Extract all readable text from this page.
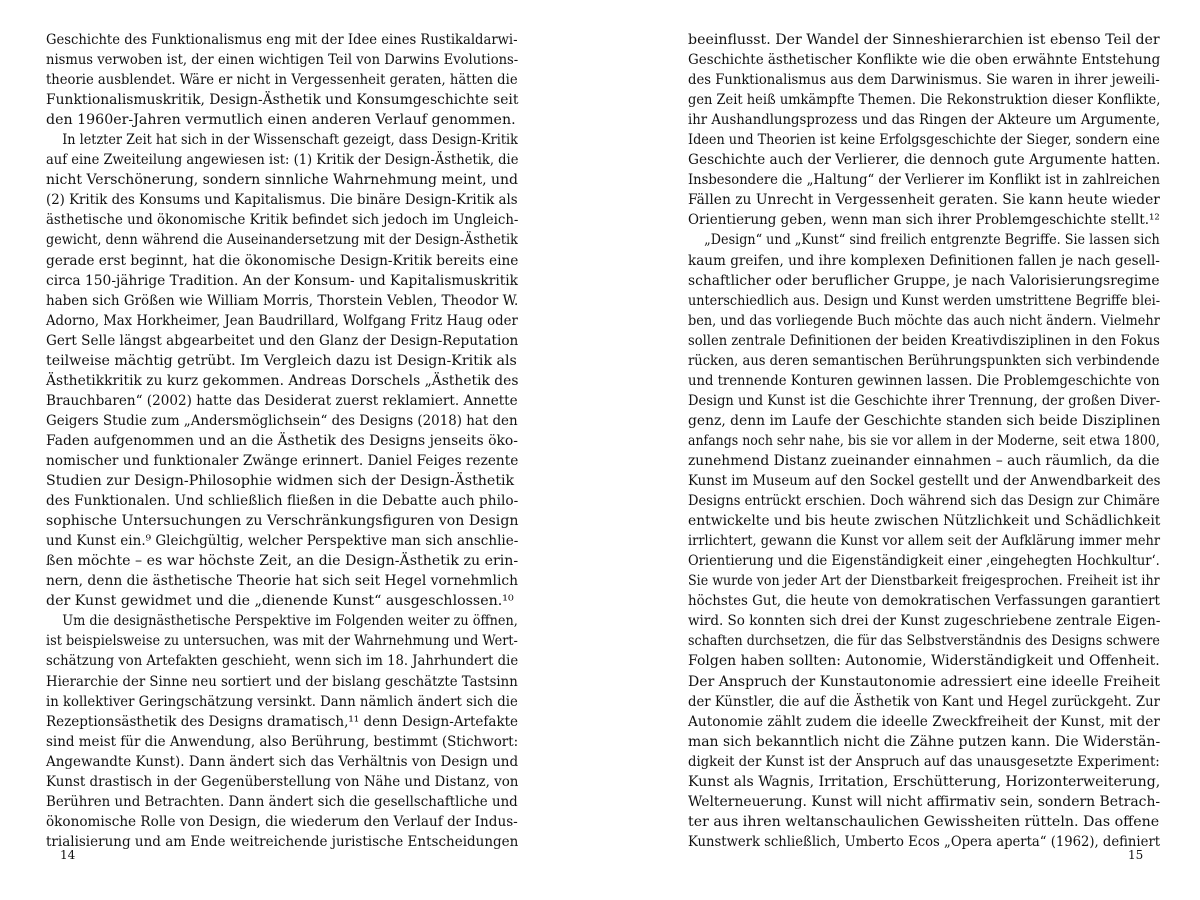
Geschichte des Funktionalismus eng mit der Idee eines Rustikaldarwi-
nismus verwoben ist, der einen wichtigen Teil von Darwins Evolutions-
theorie ausblendet. Wäre er nicht in Vergessenheit geraten, hätten die
Funktionalismuskritik, Design-Ästhetik und Konsumgeschichte seit
den 1960er-Jahren vermutlich einen anderen Verlauf genommen.
In letzter Zeit hat sich in der Wissenschaft gezeigt, dass Design-Kritik
auf eine Zweiteilung angewiesen ist: (1) Kritik der Design-Ästhetik, die
nicht Verschönerung, sondern sinnliche Wahrnehmung meint, und
(2) Kritik des Konsums und Kapitalismus. Die binäre Design-Kritik als
ästhetische und ökonomische Kritik befindet sich jedoch im Ungleich-
gewicht, denn während die Auseinandersetzung mit der Design-Ästhetik
gerade erst beginnt, hat die ökonomische Design-Kritik bereits eine
circa 150-jährige Tradition. An der Konsum- und Kapitalismuskritik
haben sich Größen wie William Morris, Thorstein Veblen, Theodor W.
Adorno, Max Horkheimer, Jean Baudrillard, Wolfgang Fritz Haug oder
Gert Selle längst abgearbeitet und den Glanz der Design-Reputation
teilweise mächtig getrübt. Im Vergleich dazu ist Design-Kritik als
Ästhetikkritik zu kurz gekommen. Andreas Dorschels „Ästhetik des
Brauchbaren“ (2002) hatte das Desiderat zuerst reklamiert. Annette
Geigers Studie zum „Andersmöglichsein“ des Designs (2018) hat den
Faden aufgenommen und an die Ästhetik des Designs jenseits öko-
nomischer und funktionaler Zwänge erinnert. Daniel Feiges rezente
Studien zur Design-Philosophie widmen sich der Design-Ästhetik
des Funktionalen. Und schließlich fließen in die Debatte auch philo-
sophische Untersuchungen zu Verschränkungsfiguren von Design
und Kunst ein.⁹ Gleichgültig, welcher Perspektive man sich anschlie-
ßen möchte – es war höchste Zeit, an die Design-Ästhetik zu erin-
nern, denn die ästhetische Theorie hat sich seit Hegel vornehmlich
der Kunst gewidmet und die „dienende Kunst“ ausgeschlossen.¹⁰
Um die designästhetische Perspektive im Folgenden weiter zu öffnen,
ist beispielsweise zu untersuchen, was mit der Wahrnehmung und Wert-
schätzung von Artefakten geschieht, wenn sich im 18. Jahrhundert die
Hierarchie der Sinne neu sortiert und der bislang geschätzte Tastsinn
in kollektiver Geringschätzung versinkt. Dann nämlich ändert sich die
Rezeptionsästhetik des Designs dramatisch,¹¹ denn Design-Artefakte
sind meist für die Anwendung, also Berührung, bestimmt (Stichwort:
Angewandte Kunst). Dann ändert sich das Verhältnis von Design und
Kunst drastisch in der Gegenüberstellung von Nähe und Distanz, von
Berühren und Betrachten. Dann ändert sich die gesellschaftliche und
ökonomische Rolle von Design, die wiederum den Verlauf der Indus-
trialisierung und am Ende weitreichende juristische Entscheidungen
14
beeinflusst. Der Wandel der Sinneshierarchien ist ebenso Teil der
Geschichte ästhetischer Konflikte wie die oben erwähnte Entstehung
des Funktionalismus aus dem Darwinismus. Sie waren in ihrer jeweili-
gen Zeit heiß umkämpfte Themen. Die Rekonstruktion dieser Konflikte,
ihr Aushandlungsprozess und das Ringen der Akteure um Argumente,
Ideen und Theorien ist keine Erfolgsgeschichte der Sieger, sondern eine
Geschichte auch der Verlierer, die dennoch gute Argumente hatten.
Insbesondere die „Haltung“ der Verlierer im Konflikt ist in zahlreichen
Fällen zu Unrecht in Vergessenheit geraten. Sie kann heute wieder
Orientierung geben, wenn man sich ihrer Problemgeschichte stellt.¹²
„Design“ und „Kunst“ sind freilich entgrenzte Begriffe. Sie lassen sich
kaum greifen, und ihre komplexen Definitionen fallen je nach gesell-
schaftlicher oder beruflicher Gruppe, je nach Valorisierungsregime
unterschiedlich aus. Design und Kunst werden umstrittene Begriffe blei-
ben, und das vorliegende Buch möchte das auch nicht ändern. Vielmehr
sollen zentrale Definitionen der beiden Kreativdisziplinen in den Fokus
rücken, aus deren semantischen Berührungspunkten sich verbindende
und trennende Konturen gewinnen lassen. Die Problemgeschichte von
Design und Kunst ist die Geschichte ihrer Trennung, der großen Diver-
genz, denn im Laufe der Geschichte standen sich beide Disziplinen
anfangs noch sehr nahe, bis sie vor allem in der Moderne, seit etwa 1800,
zunehmend Distanz zueinander einnahmen – auch räumlich, da die
Kunst im Museum auf den Sockel gestellt und der Anwendbarkeit des
Designs entrückt erschien. Doch während sich das Design zur Chimäre
entwickelte und bis heute zwischen Nützlichkeit und Schädlichkeit
irrlichtert, gewann die Kunst vor allem seit der Aufklärung immer mehr
Orientierung und die Eigenständigkeit einer ‚eingehegten Hochkultur‘.
Sie wurde von jeder Art der Dienstbarkeit freigesprochen. Freiheit ist ihr
höchstes Gut, die heute von demokratischen Verfassungen garantiert
wird. So konnten sich drei der Kunst zugeschriebene zentrale Eigen-
schaften durchsetzen, die für das Selbstverständnis des Designs schwere
Folgen haben sollten: Autonomie, Widerständigkeit und Offenheit.
Der Anspruch der Kunstautonomie adressiert eine ideelle Freiheit
der Künstler, die auf die Ästhetik von Kant und Hegel zurückgeht. Zur
Autonomie zählt zudem die ideelle Zweckfreiheit der Kunst, mit der
man sich bekanntlich nicht die Zähne putzen kann. Die Widerstän-
digkeit der Kunst ist der Anspruch auf das unausgesetzte Experiment:
Kunst als Wagnis, Irritation, Erschütterung, Horizonterweiterung,
Welterneuerung. Kunst will nicht affirmativ sein, sondern Betrach-
ter aus ihren weltanschaulichen Gewissheiten rütteln. Das offene
Kunstwerk schließlich, Umberto Ecos „Opera aperta“ (1962), definiert
15
